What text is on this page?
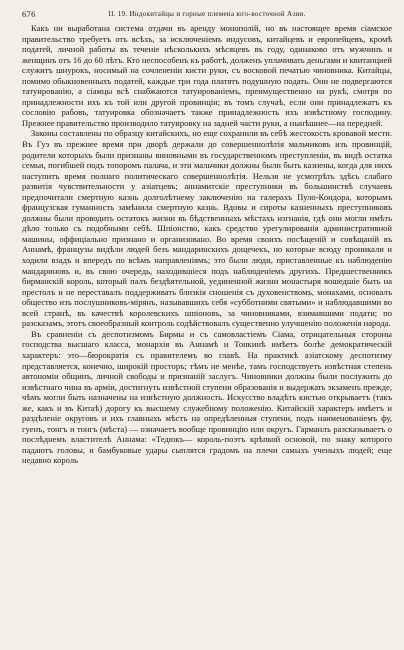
676	II. 19. Индокитайцы и горные племена юго-восточной Азии.

Какъ ни выработана система отдачи въ аренду монополій, но въ настоящее время сіамское правительство требуетъ отъ всѣхъ, за исключеніемъ индусовъ, китайцевъ и европейцевъ, кромѣ податей, личной работы въ теченіе нѣсколькихъ мѣсяцевъ въ году, одинаково отъ мужчинъ и женщинъ отъ 16 до 60 лѣтъ. Кто неспособенъ къ работѣ, долженъ уплачивать деньгами и квитанцией служитъ шнурокъ, носимый на сочлененіи кисти руки, съ восковой печатью чиновника. Китайцы, помимо обыкновенныхъ податей, каждые три года платятъ подушную подать. Они не подвергаются татуированію, а сіамцы всѣ снабжаются татуированіемъ, преимущественно на рукѣ, смотря по принадлежности ихъ къ той или другой провинціи; въ томъ случаѣ, если они принадлежатъ къ сословію рабовъ, татуировка обозначаетъ также принадлежность ихъ извѣстному господину. Прежнее правительство производило татуировку на задней части руки, а нынѣшнее—на передней.

Законы составлены по образцу китайскихъ, но еще сохранили въ себѣ жестокость кровавой мести. Въ Гуэ въ прежнее время при дворѣ держали до совершеннолѣтія мальчиковъ изъ провинцій, родители которыхъ были признаны виновными въ государственномъ преступленіи, въ видѣ остатка семьи, погибшей подъ топоромъ палача, и эти мальчики должны были быть казнены, когда для нихъ наступитъ время полнаго политическаго совершеннолѣтія. Нельзя не усмотрѣть здѣсь слабаго развитія чувствительности у азіатцевъ; аннамитскіе преступники въ большинствѣ случаевъ предпочитали смертную казнь долголѣтнему заключенію на галерахъ Пуло-Кондора, которымъ французская гуманность замѣнила смертную казнь. Вдовы и сироты казненныхъ преступниковъ должны были проводить остатокъ жизни въ бѣдственныхъ мѣстахъ изгнанія, гдѣ они могли имѣть дѣло только съ подобными себѣ. Шпіонство, какъ средство урегулированія административной машины, оффиціально признано и организовано. Во время своихъ посѣщеній и совѣщаній въ Аннамѣ, французы видѣли людей безъ мандаринскихъ дощечекъ, но которые всюду проникали и ходили взадъ и впередъ по всѣмъ направленіямъ; это были люди, приставленные къ наблюденію мандариновъ и, въ свою очередь, находившіеся подъ наблюденіемъ другихъ. Предшественникъ бирманскій король, который палъ бездѣятельной, уединенной жизни монастыря вошедшіе быть на престолъ и не переставалъ поддерживать близкія сношенія съ духовенствомъ, монахами, основалъ общество изъ послушниковъ-мірянъ, называвшихъ себя «субботними святыми» и наблюдавшими во всей странѣ, въ качествѣ королевскихъ шпіоновъ, за чиновниками, взимавшими подати; по разсказамъ, этотъ своеобразный контроль содѣйствовалъ существенно улучшенію положенія народа.

Въ сравненіи съ деспотизмомъ Бирмы и съ самовластіемъ Сіама, отрицательныя стороны господства высшаго класса, монархія въ Аннамѣ и Тонкинѣ имѣетъ болѣе демократическій характеръ: это—бюрократія съ правителемъ во главѣ. На практикѣ азіатскому деспотизму представляется, конечно, широкій просторъ; тѣмъ не менѣе, тамъ господствуетъ извѣстная степень автономіи общинъ, личной свободы и признаній заслугъ. Чиновники должны были послужить до извѣстнаго чина въ арміи, достигнуть извѣстной ступени образованія и выдержать экзаменъ прежде, чѣмъ могли быть назначены на извѣстную должность. Искусство владѣть кистью открываетъ (такъ же, какъ и въ Китаѣ) дорогу къ высшему служебному положенію. Китайскій характеръ имѣетъ и раздѣленіе округовъ и ихъ главныхъ мѣстъ на опредѣленныя ступени, подъ наименованіемъ фу, гуенъ, тонгъ и тонгъ (мѣста) — означаетъ вообще провинцію или округъ. Гарманлъ разсказываетъ о послѣднемъ властителѣ Аннама: «Тедюкъ— король-поэтъ крѣпкой основой, по знаку которого падаютъ головы, и бамбуковые удары сыплятся градомъ на плечи самыхъ ученыхъ людей; еще недавно король
